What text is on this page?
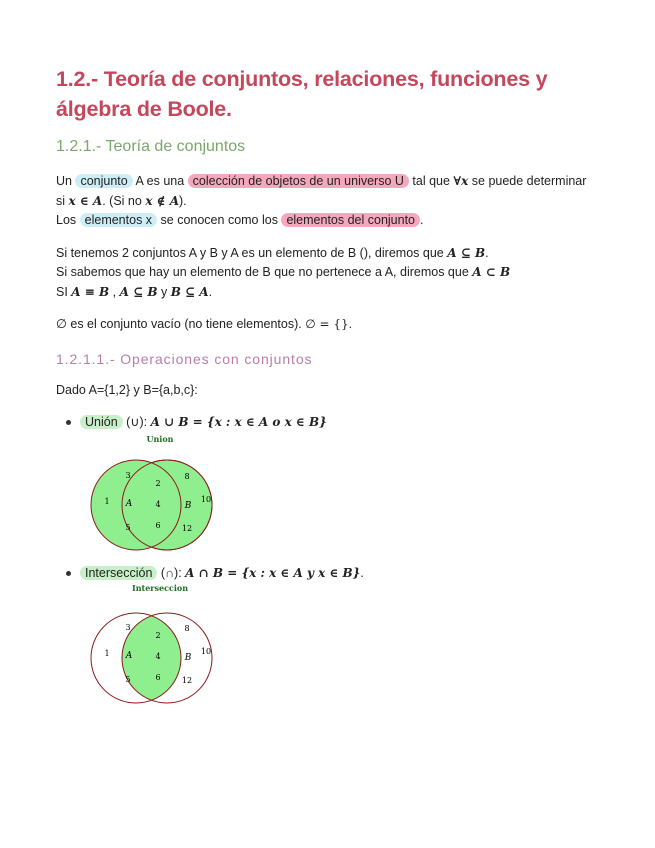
1.2.- Teoría de conjuntos, relaciones, funciones y álgebra de Boole.
1.2.1.- Teoría de conjuntos

Un conjunto A es una colección de objetos de un universo U tal que ∀x se puede determinar

si x ∈ A. (Si no x ∉ A).

Los elementos x se conocen como los elementos del conjunto .

Si tenemos 2 conjuntos A y B y A es un elemento de B (), diremos que A ⊆ B.

Si sabemos que hay un elemento de B que no pertenece a A, diremos que A ⊂ B

SI A ≡ B , A ⊆ B y B ⊆ A.

∅ es el conjunto vacío (no tiene elementos). ∅ = {}.

1.2.1.1.- Operaciones con conjuntos

Dado A={1,2} y B={a,b,c}:

Unión (∪): A ∪ B = {x : x ∈ A o x ∈ B}
Union
3
1
5
A
2
4
6
8
B
10
12
Intersección (∩): A ∩ B = {x : x ∈ A y x ∈ B}.
Interseccion
3
1
5
A
2
4
6
8
B
10
12
